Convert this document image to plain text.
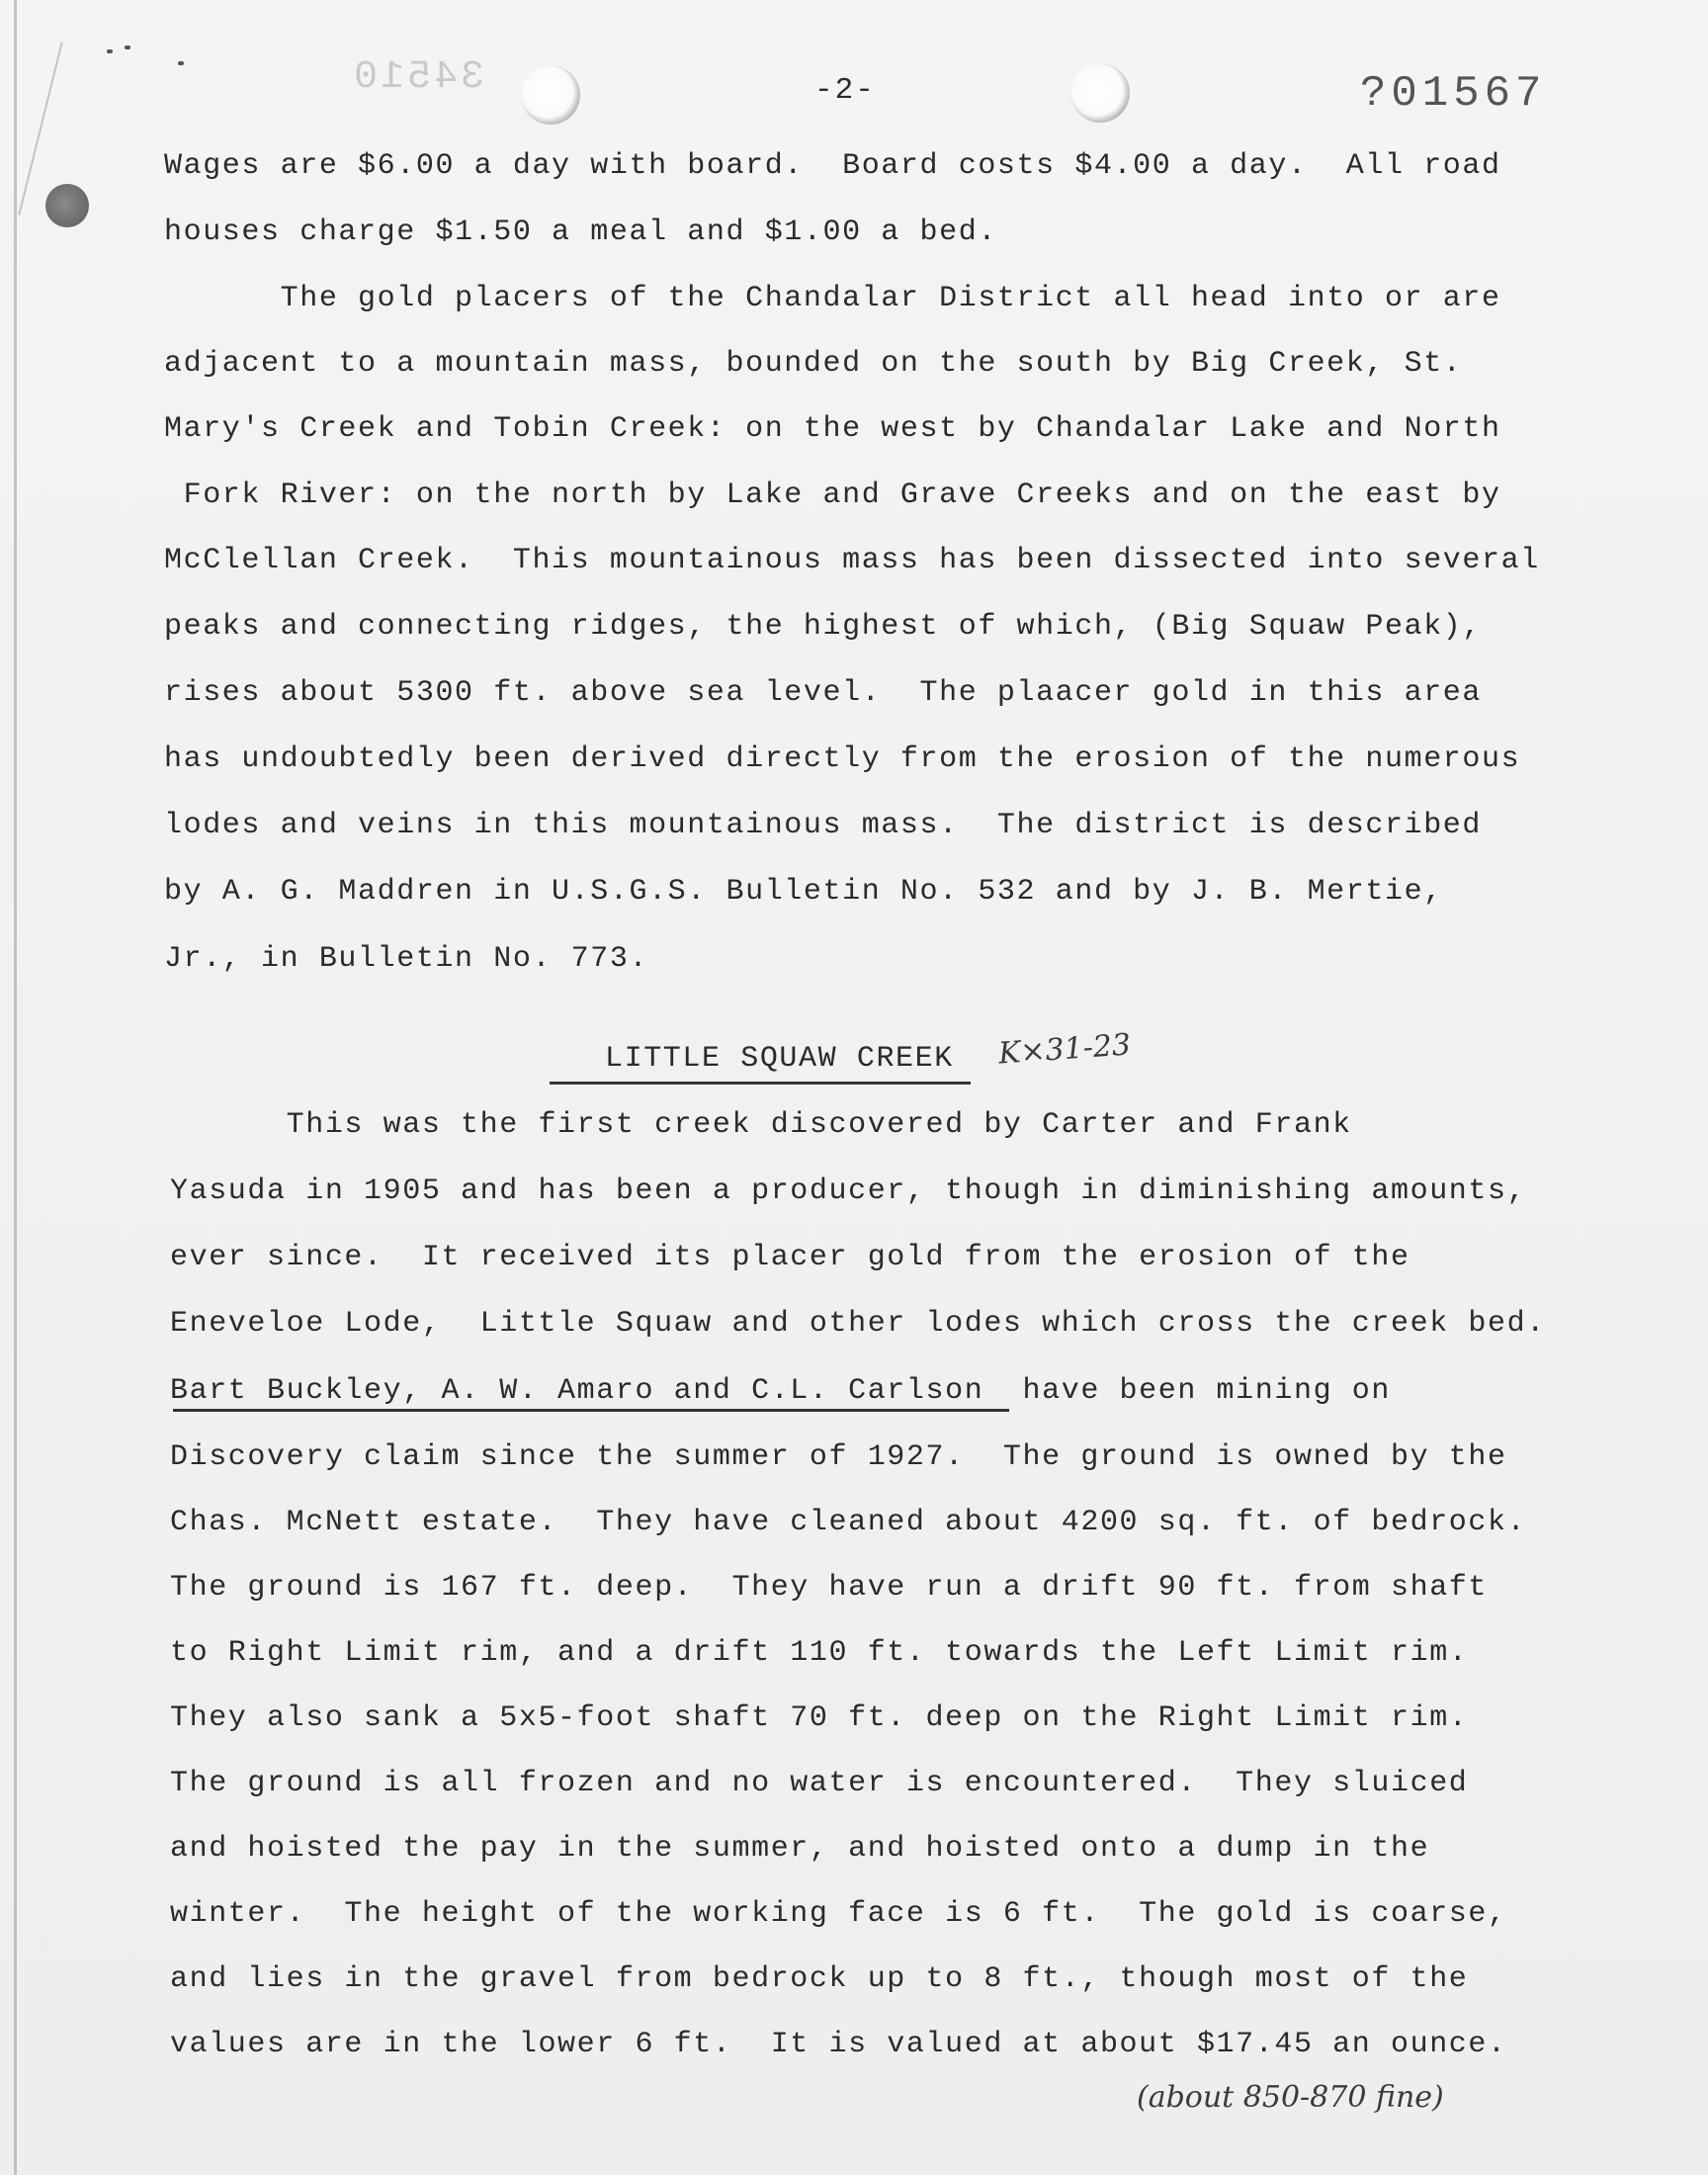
34510	-2-	?01567
Wages are $6.00 a day with board.  Board costs $4.00 a day.  All road
houses charge $1.50 a meal and $1.00 a bed.
The gold placers of the Chandalar District all head into or are
adjacent to a mountain mass, bounded on the south by Big Creek, St.
Mary's Creek and Tobin Creek: on the west by Chandalar Lake and North
Fork River: on the north by Lake and Grave Creeks and on the east by
McClellan Creek.  This mountainous mass has been dissected into several
peaks and connecting ridges, the highest of which, (Big Squaw Peak),
rises about 5300 ft. above sea level.  The plaacer gold in this area
has undoubtedly been derived directly from the erosion of the numerous
lodes and veins in this mountainous mass.  The district is described
by A. G. Maddren in U.S.G.S. Bulletin No. 532 and by J. B. Mertie,
Jr., in Bulletin No. 773.
LITTLE SQUAW CREEK K×31-23
This was the first creek discovered by Carter and Frank
Yasuda in 1905 and has been a producer, though in diminishing amounts,
ever since.  It received its placer gold from the erosion of the
Eneveloe Lode,  Little Squaw and other lodes which cross the creek bed.
Bart Buckley, A. W. Amaro and C.L. Carlson  have been mining on
Discovery claim since the summer of 1927.  The ground is owned by the
Chas. McNett estate.  They have cleaned about 4200 sq. ft. of bedrock.
The ground is 167 ft. deep.  They have run a drift 90 ft. from shaft
to Right Limit rim, and a drift 110 ft. towards the Left Limit rim.
They also sank a 5x5-foot shaft 70 ft. deep on the Right Limit rim.
The ground is all frozen and no water is encountered.  They sluiced
and hoisted the pay in the summer, and hoisted onto a dump in the
winter.  The height of the working face is 6 ft.  The gold is coarse,
and lies in the gravel from bedrock up to 8 ft., though most of the
values are in the lower 6 ft.  It is valued at about $17.45 an ounce.
(about 850-870 fine)
